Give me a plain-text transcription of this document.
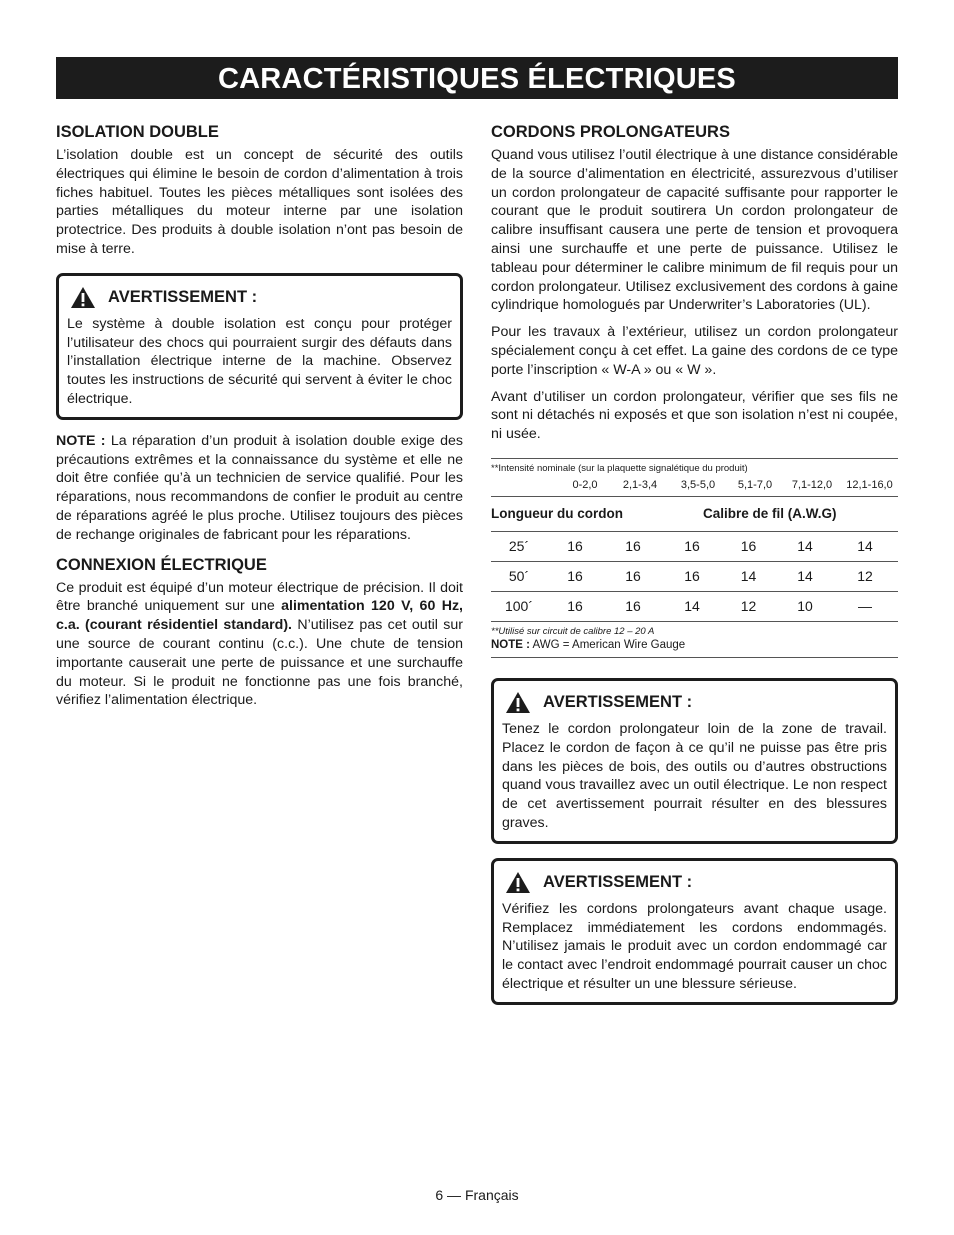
CARACTÉRISTIQUES ÉLECTRIQUES
ISOLATION DOUBLE

L’isolation double est un concept de sécurité des outils électriques qui élimine le besoin de cordon d’alimentation à trois fiches habituel. Toutes les pièces métalliques sont isolées des parties métalliques du moteur interne par une isolation protectrice. Des produits à double isolation n’ont pas besoin de mise à terre.

AVERTISSEMENT :

Le système à double isolation est conçu pour protéger l’utilisateur des chocs qui pourraient surgir des défauts dans l’installation électrique interne de la machine. Observez toutes les instructions de sécurité qui servent à éviter le choc électrique.

NOTE : La réparation d’un produit à isolation double exige des précautions extrêmes et la connaissance du système et elle ne doit être confiée qu’à un technicien de service qualifié. Pour les réparations, nous recommandons de confier le produit au centre de réparations agréé le plus proche. Utilisez toujours des pièces de rechange originales de fabricant pour les réparations.

CONNEXION ÉLECTRIQUE

Ce produit est équipé d’un moteur électrique de précision. Il doit être branché uniquement sur une alimentation 120 V, 60 Hz, c.a. (courant résidentiel standard). N’utilisez pas cet outil sur une source de courant continu (c.c.). Une chute de tension importante causerait une perte de puissance et une surchauffe du moteur. Si le produit ne fonctionne pas une fois branché, vérifiez l’alimentation électrique.

CORDONS PROLONGATEURS

Quand vous utilisez l’outil électrique à une distance considérable de la source d’alimentation en électricité, assurezvous d’utiliser un cordon prolongateur de capacité suffisante pour rapporter le courant que le produit soutirera Un cordon prolongateur de calibre insuffisant causera une perte de tension et provoquera ainsi une surchauffe et une perte de puissance. Utilisez le tableau pour déterminer le calibre minimum de fil requis pour un cordon prolongateur. Utilisez exclusivement des cordons à gaine cylindrique homologués par Underwriter’s Laboratories (UL).

Pour les travaux à l’extérieur, utilisez un cordon prolongateur spécialement conçu à cet effet. La gaine des cordons de ce type porte l’inscription « W-A » ou « W ».

Avant d’utiliser un cordon prolongateur, vérifier que ses fils ne sont ni détachés ni exposés et que son isolation n’est ni coupée, ni usée.

**Intensité nominale (sur la plaquette signalétique du produit)
0-2,0	2,1-3,4	3,5-5,0	5,1-7,0	7,1-12,0	12,1-16,0
Longueur du cordon	Calibre de fil (A.W.G)
25´	16	16	16	16	14	14
50´	16	16	16	14	14	12
100´	16	16	14	12	10	—
**Utilisé sur circuit de calibre 12 – 20 A
NOTE : AWG = American Wire Gauge
AVERTISSEMENT :

Tenez le cordon prolongateur loin de la zone de travail. Placez le cordon de façon à ce qu’il ne puisse pas être pris dans les pièces de bois, des outils ou d’autres obstructions quand vous travaillez avec un outil électrique. Le non respect de cet avertissement pourrait résulter en des blessures graves.

AVERTISSEMENT :

Vérifiez les cordons prolongateurs avant chaque usage. Remplacez immédiatement les cordons endommagés. N’utilisez jamais le produit avec un cordon endommagé car le contact avec l’endroit endommagé pourrait causer un choc électrique et résulter un une blessure sérieuse.

6 — Français
